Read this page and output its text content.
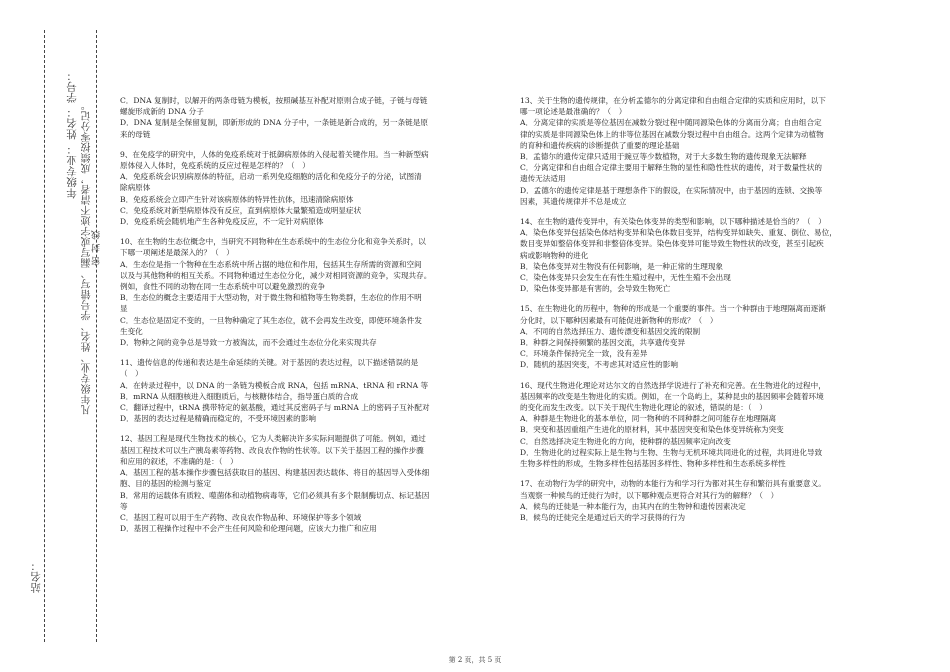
年级专业： 姓名： 学号： 凡年级专业、姓名、学号错写、漏写或字迹不清者，成绩按零分记。 密 封 线
站名：

C．DNA 复制时，以解开的两条母链为模板，按照碱基互补配对原则合成子链，子链与母链

螺旋形成新的 DNA 分子

D．DNA 复制是全保留复制，即新形成的 DNA 分子中，一条链是新合成的，另一条链是原

来的母链

9、在免疫学的研究中，人体的免疫系统对于抵御病原体的入侵起着关键作用。当一种新型病

原体侵入人体时，免疫系统的反应过程是怎样的？（　）

A．免疫系统会识别病原体的特征，启动一系列免疫细胞的活化和免疫分子的分泌，试图清

除病原体

B．免疫系统会立即产生针对该病原体的特异性抗体，迅速清除病原体

C．免疫系统对新型病原体没有反应，直到病原体大量繁殖造成明显症状

D．免疫系统会随机地产生各种免疫反应，不一定针对病原体

10、在生物的生态位概念中，当研究不同物种在生态系统中的生态位分化和竞争关系时，以

下哪一项阐述是最深入的？（　）

A．生态位是指一个物种在生态系统中所占据的地位和作用，包括其生存所需的资源和空间

以及与其他物种的相互关系。不同物种通过生态位分化，减少对相同资源的竞争，实现共存。

例如，食性不同的动物在同一生态系统中可以避免激烈的竞争

B．生态位的概念主要适用于大型动物，对于微生物和植物等生物类群，生态位的作用不明

显

C．生态位是固定不变的，一旦物种确定了其生态位，就不会再发生改变，即使环境条件发

生变化

D．物种之间的竞争总是导致一方被淘汰，而不会通过生态位分化来实现共存

11、遗传信息的传递和表达是生命延续的关键。对于基因的表达过程，以下描述错误的是

（　）

A．在转录过程中，以 DNA 的一条链为模板合成 RNA，包括 mRNA、tRNA 和 rRNA 等

B．mRNA 从细胞核进入细胞质后，与核糖体结合，指导蛋白质的合成

C．翻译过程中，tRNA 携带特定的氨基酸，通过其反密码子与 mRNA 上的密码子互补配对

D．基因的表达过程是精确而稳定的，不受环境因素的影响

12、基因工程是现代生物技术的核心，它为人类解决许多实际问题提供了可能。例如，通过

基因工程技术可以生产胰岛素等药物、改良农作物的性状等。以下关于基因工程的操作步骤

和应用的叙述，不准确的是：（　）

A．基因工程的基本操作步骤包括获取目的基因、构建基因表达载体、将目的基因导入受体细

胞、目的基因的检测与鉴定

B．常用的运载体有质粒、噬菌体和动植物病毒等，它们必须具有多个限制酶切点、标记基因

等

C．基因工程可以用于生产药物、改良农作物品种、环境保护等多个领域

D．基因工程操作过程中不会产生任何风险和伦理问题，应该大力推广和应用

13、关于生物的遗传规律，在分析孟德尔的分离定律和自由组合定律的实质和应用时，以下

哪一项论述是最准确的？（　）

A．分离定律的实质是等位基因在减数分裂过程中随同源染色体的分离而分离；自由组合定

律的实质是非同源染色体上的非等位基因在减数分裂过程中自由组合。这两个定律为动植物

的育种和遗传疾病的诊断提供了重要的理论基础

B．孟德尔的遗传定律只适用于豌豆等少数植物，对于大多数生物的遗传现象无法解释

C．分离定律和自由组合定律主要用于解释生物的显性和隐性性状的遗传，对于数量性状的

遗传无法适用

D．孟德尔的遗传定律是基于理想条件下的假设，在实际情况中，由于基因的连锁、交换等

因素，其遗传规律并不总是成立

14、在生物的遗传变异中，有关染色体变异的类型和影响，以下哪种描述是恰当的？（　）

A．染色体变异包括染色体结构变异和染色体数目变异，结构变异如缺失、重复、倒位、易位，

数目变异如整倍体变异和非整倍体变异。染色体变异可能导致生物性状的改变，甚至引起疾

病或影响物种的进化

B．染色体变异对生物没有任何影响，是一种正常的生理现象

C．染色体变异只会发生在有性生殖过程中，无性生殖不会出现

D．染色体变异都是有害的，会导致生物死亡

15、在生物进化的历程中，物种的形成是一个重要的事件。当一个种群由于地理隔离而逐渐

分化时，以下哪种因素最有可能促进新物种的形成？（　）

A．不同的自然选择压力、遗传漂变和基因交流的限制

B．种群之间保持频繁的基因交流，共享遗传变异

C．环境条件保持完全一致，没有差异

D．随机的基因突变，不考虑其对适应性的影响

16、现代生物进化理论对达尔文的自然选择学说进行了补充和完善。在生物进化的过程中，

基因频率的改变是生物进化的实质。例如，在一个岛屿上，某种昆虫的基因频率会随着环境

的变化而发生改变。以下关于现代生物进化理论的叙述，错误的是：（　）

A．种群是生物进化的基本单位，同一物种的不同种群之间可能存在地理隔离

B．突变和基因重组产生进化的原材料，其中基因突变和染色体变异统称为突变

C．自然选择决定生物进化的方向，使种群的基因频率定向改变

D．生物进化的过程实际上是生物与生物、生物与无机环境共同进化的过程，共同进化导致

生物多样性的形成，生物多样性包括基因多样性、物种多样性和生态系统多样性

17、在动物行为学的研究中，动物的本能行为和学习行为都对其生存和繁衍具有重要意义。

当观察一种候鸟的迁徙行为时，以下哪种观点更符合对其行为的解释？（　）

A．候鸟的迁徙是一种本能行为，由其内在的生物钟和遗传因素决定

B．候鸟的迁徙完全是通过后天的学习获得的行为

第 2 页，共 5 页
